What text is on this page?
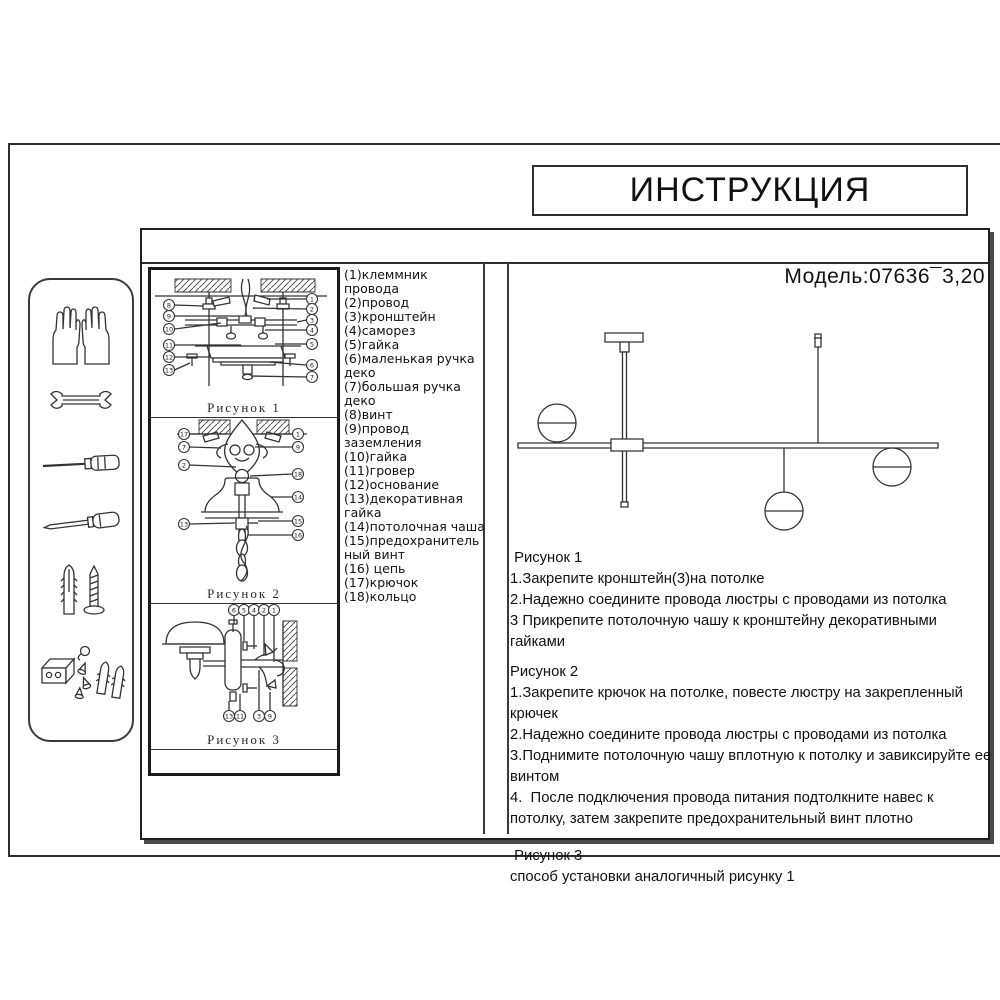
ИНСТРУКЦИЯ
Модель:07636¯3,20
8
9
10
11
12
13
1
2
3
4
5
6
7
Рисунок 1
17
7
2
13
1
9
18
14
15
16
Рисунок 2
6 5 4 2 1
13 11 3 9
Рисунок 3
(1)клеммник провода
(2)провод
(3)кронштейн
(4)саморез
(5)гайка
(6)маленькая ручка деко
(7)большая ручка деко
(8)винт
(9)провод заземления
(10)гайка
(11)гровер
(12)основание
(13)декоративная гайка
(14)потолочная чаша
(15)предохранительный винт
(16) цепь
(17)крючок
(18)кольцо
Рисунок 1
1.Закрепите кронштейн(3)на потолке
2.Надежно соедините провода люстры с проводами из потолка
3 Прикрепите потолочную чашу к кронштейну декоративными гайками
Рисунок 2
1.Закрепите крючок на потолке, повесте люстру на закрепленный крючек
2.Надежно соедините провода люстры с проводами из потолка
3.Поднимите потолочную чашу вплотную к потолку и завиксируйте ее винтом
4.  После подключения провода питания подтолкните навес к потолку, затем закрепите предохранительный винт плотно
Рисунок 3
способ установки аналогичный рисунку 1
